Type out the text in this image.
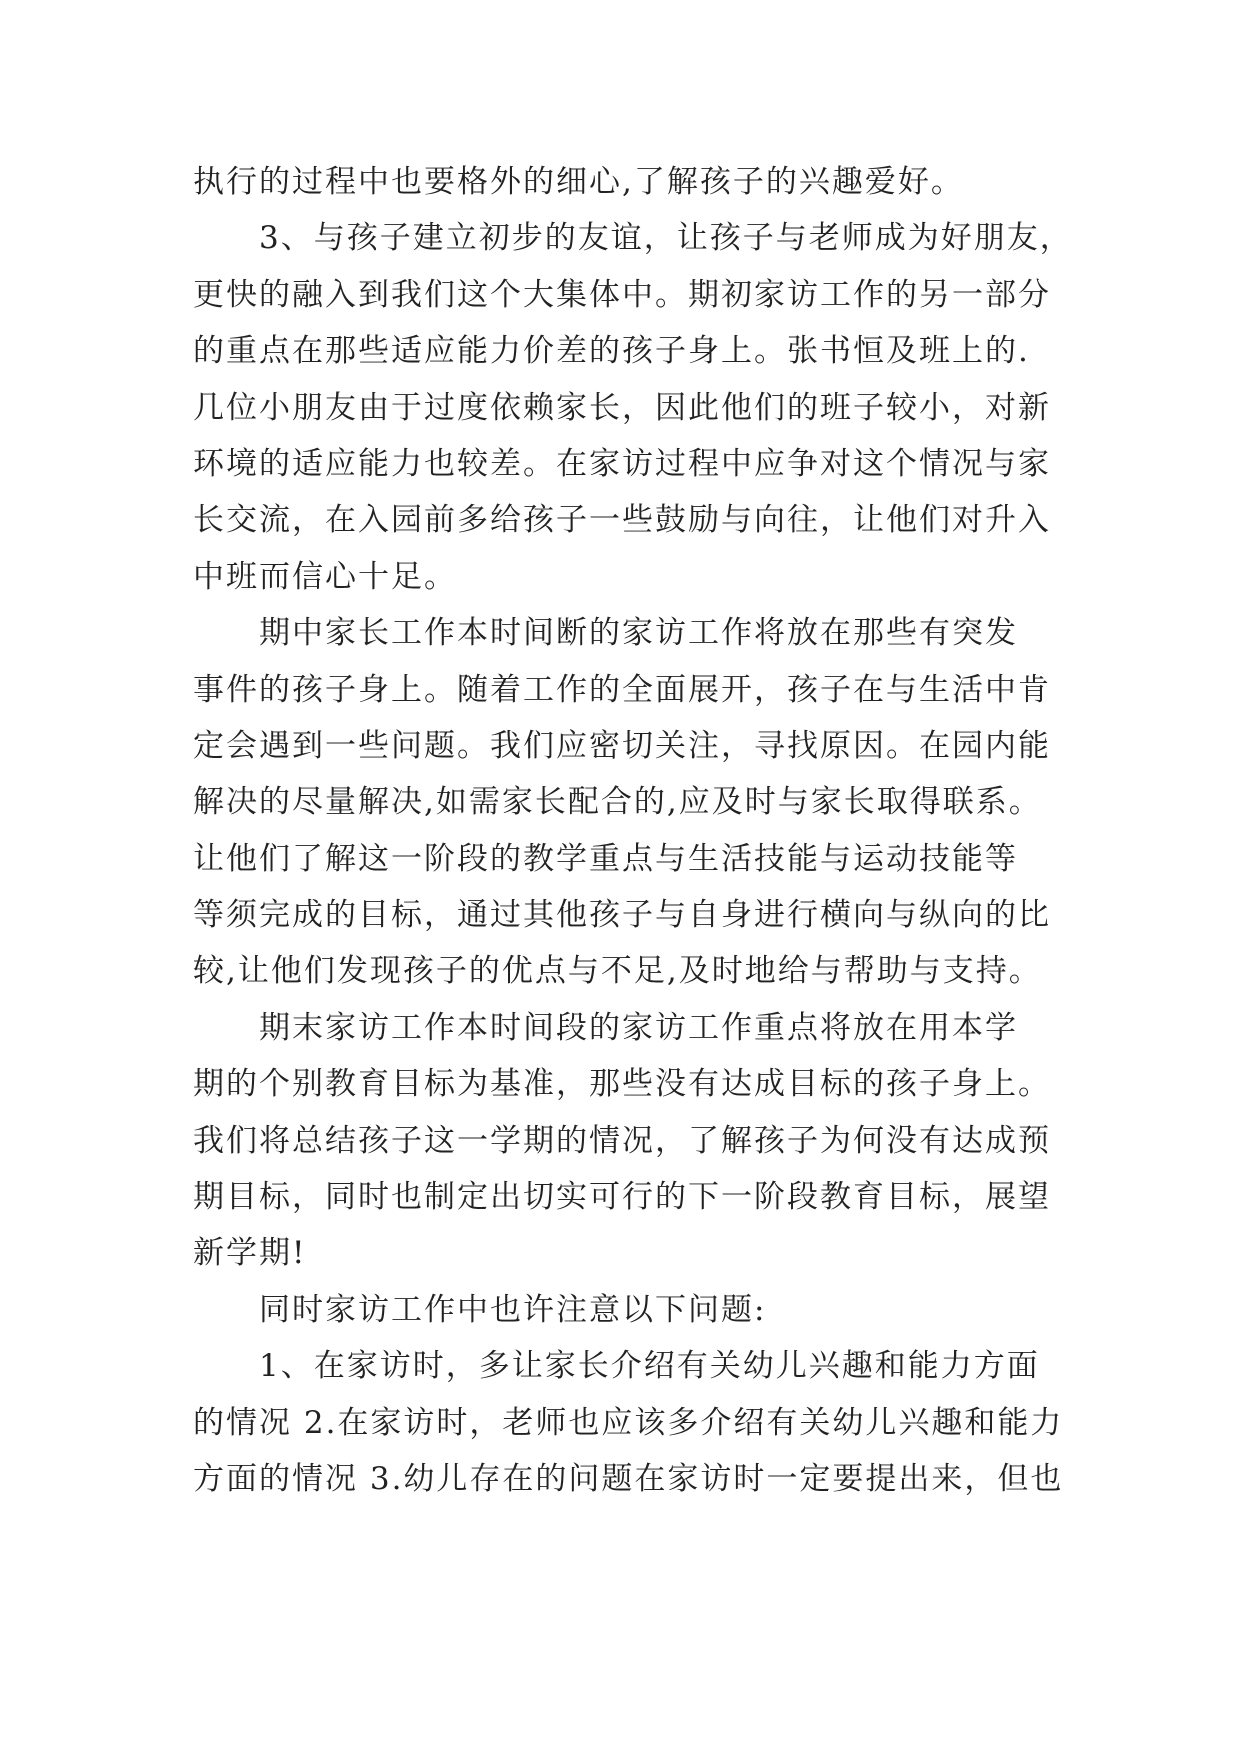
执行的过程中也要格外的细心,了解孩子的兴趣爱好。
3、与孩子建立初步的友谊，让孩子与老师成为好朋友，
更快的融入到我们这个大集体中。期初家访工作的另一部分
的重点在那些适应能力价差的孩子身上。张书恒及班上的.
几位小朋友由于过度依赖家长，因此他们的班子较小，对新
环境的适应能力也较差。在家访过程中应争对这个情况与家
长交流，在入园前多给孩子一些鼓励与向往，让他们对升入
中班而信心十足。
期中家长工作本时间断的家访工作将放在那些有突发
事件的孩子身上。随着工作的全面展开，孩子在与生活中肯
定会遇到一些问题。我们应密切关注，寻找原因。在园内能
解决的尽量解决,如需家长配合的,应及时与家长取得联系。
让他们了解这一阶段的教学重点与生活技能与运动技能等
等须完成的目标，通过其他孩子与自身进行横向与纵向的比
较,让他们发现孩子的优点与不足,及时地给与帮助与支持。
期末家访工作本时间段的家访工作重点将放在用本学
期的个别教育目标为基准，那些没有达成目标的孩子身上。
我们将总结孩子这一学期的情况，了解孩子为何没有达成预
期目标，同时也制定出切实可行的下一阶段教育目标，展望
新学期!
同时家访工作中也许注意以下问题:
1、在家访时，多让家长介绍有关幼儿兴趣和能力方面
的情况 2.在家访时，老师也应该多介绍有关幼儿兴趣和能力
方面的情况 3.幼儿存在的问题在家访时一定要提出来，但也
